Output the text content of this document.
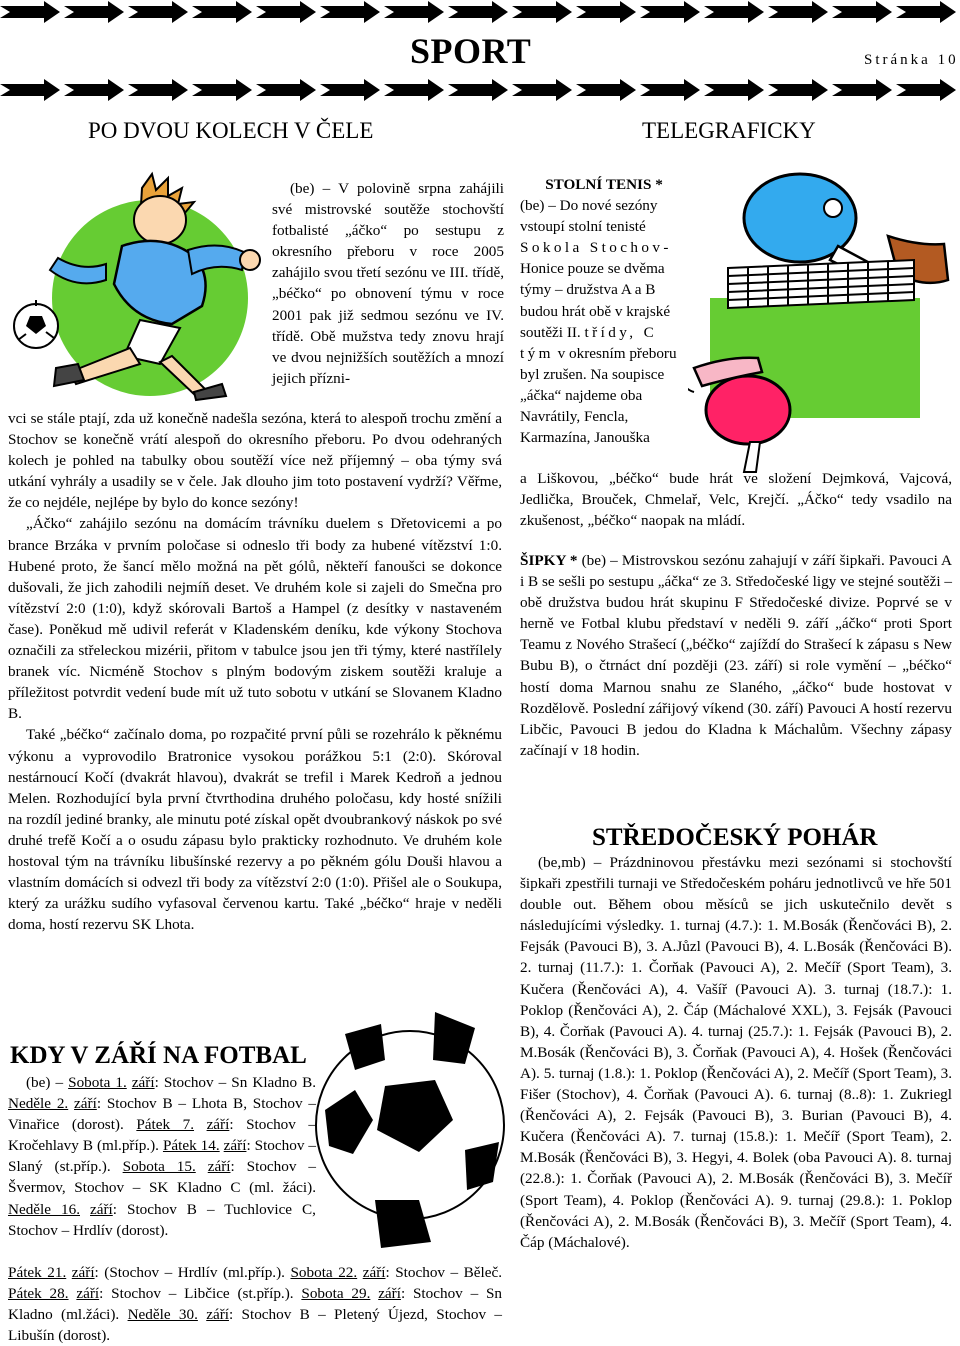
SPORT	Stránka 10
PO DVOU KOLECH V ČELE	TELEGRAFICKY

(be) – V polovině srpna zahájili své mistrovské soutěže stochovští fotbalisté „áčko“ po sestupu z okresního přeboru v roce 2005 zahájilo svou třetí sezónu ve III. třídě, „béčko“ po obnovení týmu v roce 2001 pak již sedmou sezónu ve IV. třídě. Obě mužstva tedy znovu hrají ve dvou nejnižších soutěžích a mnozí jejich přízni-

vci se stále ptají, zda už konečně nadešla sezóna, která to alespoň trochu změní a Stochov se konečně vrátí alespoň do okresního přeboru. Po dvou odehraných kolech je pohled na tabulky obou soutěží více než příjemný – oba týmy svá utkání vyhrály a usadily se v čele. Jak dlouho jim toto postavení vydrží? Věřme, že co nejdéle, nejlépe by bylo do konce sezóny!

„Áčko“ zahájilo sezónu na domácím trávníku duelem s Dřetovicemi a po brance Brzáka v prvním poločase si odneslo tři body za hubené vítězství 1:0. Hubené proto, že šancí mělo možná na pět gólů, někteří fanoušci se dokonce dušovali, že jich zahodili nejmíň deset. Ve druhém kole si zajeli do Smečna pro vítězství 2:0 (1:0), když skórovali Bartoš a Hampel (z desítky v nastaveném čase). Poněkud mě udivil referát v Kladenském deníku, kde výkony Stochova označili za střeleckou mizérii, přitom v tabulce jsou jen tři týmy, které nastřílely branek víc. Nicméně Stochov s plným bodovým ziskem soutěži kraluje a příležitost potvrdit vedení bude mít už tuto sobotu v utkání se Slovanem Kladno B.

Také „béčko“ začínalo doma, po rozpačité první půli se rozehrálo k pěknému výkonu a vyprovodilo Bratronice vysokou porážkou 5:1 (2:0). Skóroval nestárnoucí Kočí (dvakrát hlavou), dvakrát se trefil i Marek Kedroň a jednou Melen. Rozhodující byla první čtvrthodina druhého poločasu, kdy hosté snížili na rozdíl jediné branky, ale minutu poté získal opět dvoubrankový náskok po své druhé trefě Kočí a o osudu zápasu bylo prakticky rozhodnuto. Ve druhém kole hostoval tým na trávníku libušínské rezervy a po pěkném gólu Douši hlavou a vlastním domácích si odvezl tři body za vítězství 2:0 (1:0). Přišel ale o Soukupa, který za urážku sudího vyfasoval červenou kartu. Také „béčko“ hraje v neděli doma, hostí rezervu SK Lhota.

KDY V ZÁŘÍ NA FOTBAL

(be) – Sobota 1. září: Stochov – Sn Kladno B. Neděle 2. září: Stochov B – Lhota B, Stochov – Vinařice (dorost). Pátek 7. září: Stochov – Kročehlavy B (ml.příp.). Pátek 14. září: Stochov – Slaný (st.příp.). Sobota 15. září: Stochov – Švermov, Stochov – SK Kladno C (ml. žáci). Neděle 16. září: Stochov B – Tuchlovice C, Stochov – Hrdlív (dorost).

Pátek 21. září: (Stochov – Hrdlív (ml.příp.). Sobota 22. září: Stochov – Běleč. Pátek 28. září: Stochov – Libčice (st.příp.). Sobota 29. září: Stochov – Sn Kladno (ml.žáci). Neděle 30. září: Stochov B – Pletený Újezd, Stochov – Libušín (dorost).

STOLNÍ TENIS *
(be) – Do nové sezóny vstoupí stolní tenisté Sokola Stochov- Honice pouze se dvěma týmy – družstva A a B budou hrát obě v krajské soutěži II. třídy, C tým v okresním přeboru byl zrušen. Na soupisce „áčka“ najdeme oba Navrátily, Fencla, Karmazína, Janouška

a Liškovou, „béčko“ bude hrát ve složení Dejmková, Vajcová, Jedlička, Brouček, Chmelař, Velc, Krejčí. „Áčko“ tedy vsadilo na zkušenost, „béčko“ naopak na mládí.

ŠIPKY * (be) – Mistrovskou sezónu zahajují v září šipkaři. Pavouci A i B se sešli po sestupu „áčka“ ze 3. Středočeské ligy ve stejné soutěži – obě družstva budou hrát skupinu F Středočeské divize. Poprvé se v herně ve Fotbal klubu představí v neděli 9. září „áčko“ proti Sport Teamu z Nového Strašecí („béčko“ zajíždí do Strašecí k zápasu s New Bubu B), o čtrnáct dní později (23. září) si role vymění – „béčko“ hostí doma Marnou snahu ze Slaného, „áčko“ bude hostovat v Rozdělově. Poslední zářijový víkend (30. září) Pavouci A hostí rezervu Libčic, Pavouci B jedou do Kladna k Máchalům. Všechny zápasy začínají v 18 hodin.

STŘEDOČESKÝ POHÁR

(be,mb) – Prázdninovou přestávku mezi sezónami si stochovští šipkaři zpestřili turnaji ve Středočeském poháru jednotlivců ve hře 501 double out. Během obou měsíců se jich uskutečnilo devět s následujícími výsledky. 1. turnaj (4.7.): 1. M.Bosák (Řenčováci B), 2. Fejsák (Pavouci B), 3. A.Jůzl (Pavouci B), 4. L.Bosák (Řenčováci B). 2. turnaj (11.7.): 1. Čorňak (Pavouci A), 2. Mečíř (Sport Team), 3. Kučera (Řenčováci A), 4. Vašíř (Pavouci A). 3. turnaj (18.7.): 1. Poklop (Řenčováci A), 2. Čáp (Máchalové XXL), 3. Fejsák (Pavouci B), 4. Čorňak (Pavouci A). 4. turnaj (25.7.): 1. Fejsák (Pavouci B), 2. M.Bosák (Řenčováci B), 3. Čorňak (Pavouci A), 4. Hošek (Řenčováci A). 5. turnaj (1.8.): 1. Poklop (Řenčováci A), 2. Mečíř (Sport Team), 3. Fišer (Stochov), 4. Čorňak (Pavouci A). 6. turnaj (8..8): 1. Zukriegl (Řenčováci A), 2. Fejsák (Pavouci B), 3. Burian (Pavouci B), 4. Kučera (Řenčováci A). 7. turnaj (15.8.): 1. Mečíř (Sport Team), 2. M.Bosák (Řenčováci B), 3. Hegyi, 4. Bolek (oba Pavouci A). 8. turnaj (22.8.): 1. Čorňak (Pavouci A), 2. M.Bosák (Řenčováci B), 3. Mečíř (Sport Team), 4. Poklop (Řenčováci A). 9. turnaj (29.8.): 1. Poklop (Řenčováci A), 2. M.Bosák (Řenčováci B), 3. Mečíř (Sport Team), 4. Čáp (Máchalové).
